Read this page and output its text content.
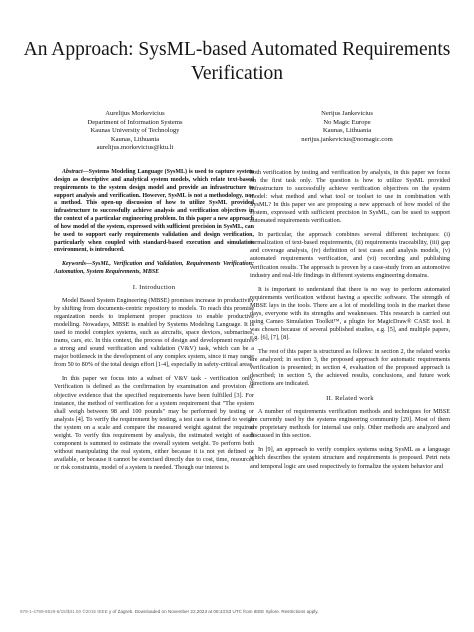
An Approach: SysML-based Automated Requirements Verification
Aurelijus Morkevicius
Department of Information Systems
Kaunas University of Technology
Kaunas, Lithuania
aurelijus.morkevicius@ktu.lt
Nerijus Jankevicius
No Magic Europe
Kaunas, Lithuania
nerijus.jankevicius@nomagic.com

Abstract—Systems Modeling Language (SysML) is used to capture system design as descriptive and analytical system models, which relate text-based requirements to the system design model and provide an infrastructure to support analysis and verification. However, SysML is not a methodology, nor a method. This open-up discussion of how to utilize SysML provided infrastructure to successfully achieve analysis and verification objectives in the context of a particular engineering problem. In this paper a new approach of how model of the system, expressed with sufficient precision in SysML, can be used to support early requirements validation and design verification, particularly when coupled with standard-based execution and simulation environment, is introduced.

Keywords—SysML, Verification and Validation, Requirements Verification; Automation, System Requirements, MBSE

I. Introduction

Model Based System Engineering (MBSE) promises increase in productivity by shifting from documents-centric repository to models. To reach this promise organization needs to implement proper practices to enable productive modelling. Nowadays, MBSE is enabled by Systems Modeling Language. It is used to model complex systems, such as aircrafts, space devices, submarines, trams, cars, etc. In this context, the process of design and development requires a strong and sound verification and validation (V&V) task, which can be a major bottleneck in the development of any complex system, since it may range from 50 to 80% of the total design effort [1-4], especially in safety-critical areas.

In this paper we focus into a subset of V&V task - verification only. Verification is defined as the confirmation by examination and provision of objective evidence that the specified requirements have been fulfilled [3]. For instance, the method of verification for a system requirement that "The system shall weigh between 98 and 100 pounds" may be performed by testing or analysis [4]. To verify the requirement by testing, a test case is defined to weigh the system on a scale and compare the measured weight against the required weight. To verify this requirement by analysis, the estimated weight of each component is summed to estimate the overall system weight. To perform both without manipulating the real system, either because it is not yet defined or available, or because it cannot be exercised directly due to cost, time, resources or risk constraints, model of a system is needed. Though our interest is

both verification by testing and verification by analysis, in this paper we focus on the first task only. The question is how to utilize SysML provided infrastructure to successfully achieve verification objectives on the system model: what method and what tool or toolset to use in combination with SysML? In this paper we are proposing a new approach of how model of the system, expressed with sufficient precision in SysML, can be used to support automated requirements verification.

In particular, the approach combines several different techniques: (i) formalization of text-based requirements, (ii) requirements traceability, (iii) gap and coverage analysis, (iv) definition of test cases and analysis models, (v) automated requirements verification, and (vi) recording and publishing verification results. The approach is proven by a case-study from an automotive industry and real-life findings in different systems engineering domains.

It is important to understand that there is no way to perform automated requirements verification without having a specific software. The strength of MBSE lays in the tools. There are a lot of modelling tools in the market these days, everyone with its strengths and weaknesses. This research is carried out using Cameo Simulation Toolkit™, a plugin for MagicDraw® CASE tool. It was chosen because of several published studies, e.g. [5], and multiple papers, e.g. [6], [7], [8].

The rest of this paper is structured as follows: in section 2, the related works are analyzed; in section 3, the proposed approach for automatic requirements verification is presented; in section 4, evaluation of the proposed approach is described; in section 5, the achieved results, conclusions, and future work directions are indicated.

II. Related work

A number of requirements verification methods and techniques for MBSE are currently used by the systems engineering community [20]. Most of them are proprietary methods for internal use only. Other methods are analyzed and discussed in this section.

In [9], an approach to verify complex systems using SysML as a language which describes the system structure and requirements is proposed. Petri nets and temporal logic are used respectively to formalize the system behavior and

978-1-4799-8529-6/15/$31.00 ©2015 IEEE y of Zagreb. Downloaded on November 22,2023 at 08:43:53 UTC from IEEE Xplore. Restrictions apply.
